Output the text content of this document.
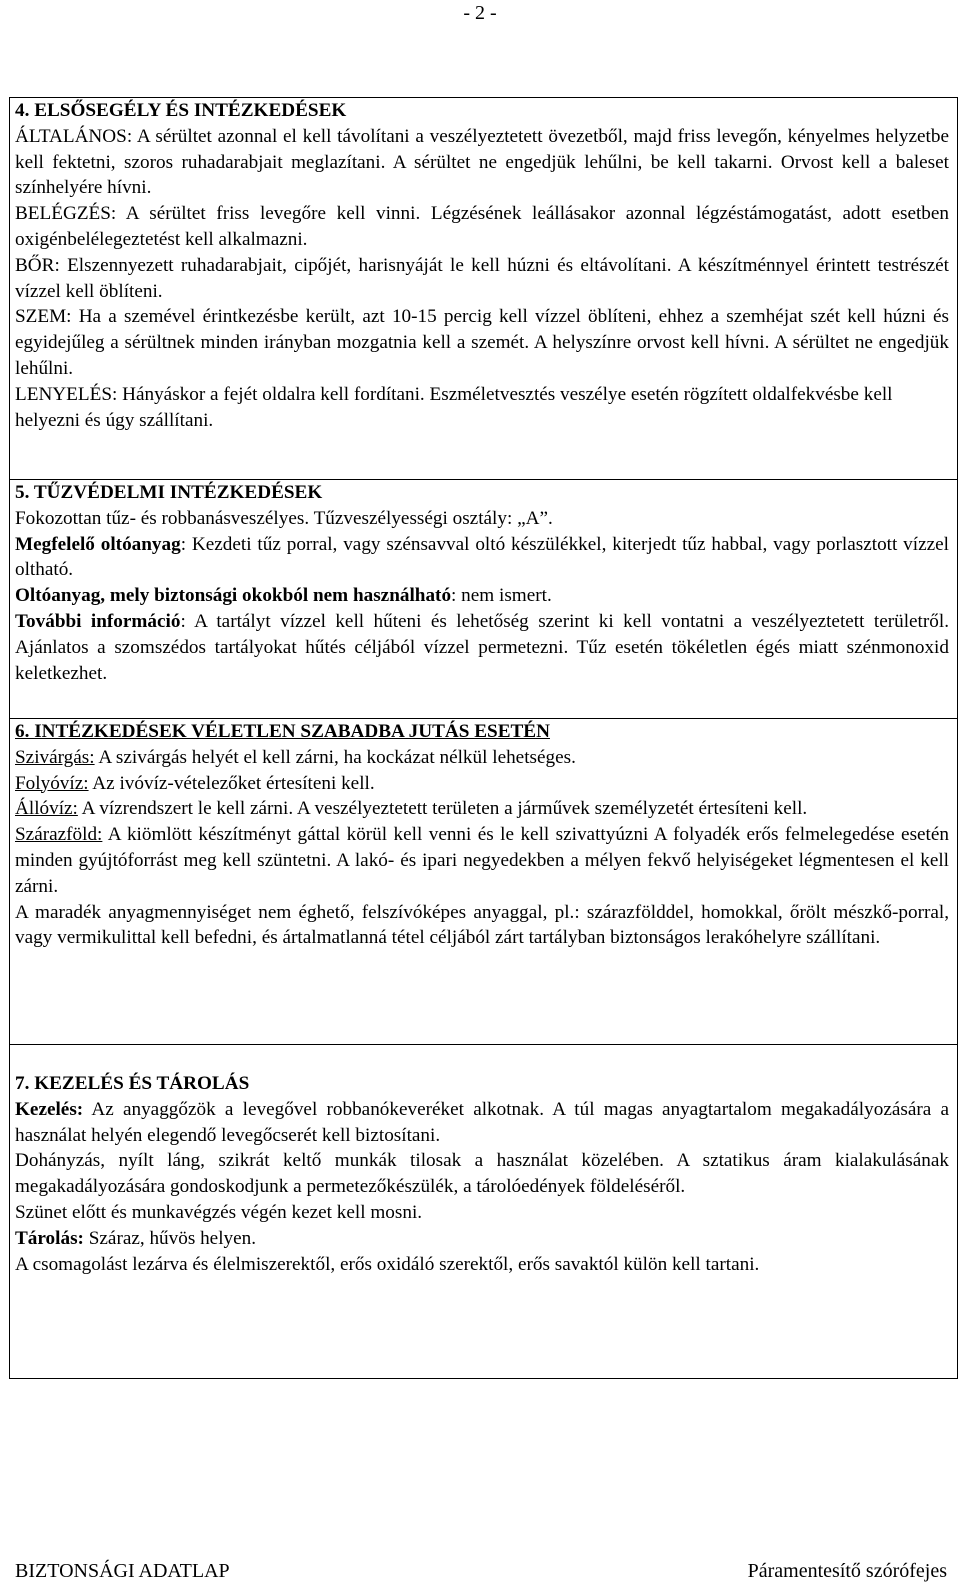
- 2 -
4. ELSŐSEGÉLY ÉS INTÉZKEDÉSEK

ÁLTALÁNOS: A sérültet azonnal el kell távolítani a veszélyeztetett övezetből, majd friss levegőn, kényelmes helyzetbe kell fektetni, szoros ruhadarabjait meglazítani. A sérültet ne engedjük lehűlni, be kell takarni. Orvost kell a baleset színhelyére hívni.

BELÉGZÉS: A sérültet friss levegőre kell vinni. Légzésének leállásakor azonnal légzéstámogatást, adott esetben oxigénbelélegeztetést kell alkalmazni.

BŐR: Elszennyezett ruhadarabjait, cipőjét, harisnyáját le kell húzni és eltávolítani. A készítménnyel érintett testrészét vízzel kell öblíteni.

SZEM: Ha a szemével érintkezésbe került, azt 10-15 percig kell vízzel öblíteni, ehhez a szemhéjat szét kell húzni és egyidejűleg a sérültnek minden irányban mozgatnia kell a szemét. A helyszínre orvost kell hívni. A sérültet ne engedjük lehűlni.

LENYELÉS: Hányáskor a fejét oldalra kell fordítani. Eszméletvesztés veszélye esetén rögzített oldalfekvésbe kell helyezni és úgy szállítani.

5. TŰZVÉDELMI INTÉZKEDÉSEK

Fokozottan tűz- és robbanásveszélyes. Tűzveszélyességi osztály: „A”.

Megfelelő oltóanyag: Kezdeti tűz porral, vagy szénsavval oltó készülékkel, kiterjedt tűz habbal, vagy porlasztott vízzel oltható.

Oltóanyag, mely biztonsági okokból nem használható: nem ismert.

További információ: A tartályt vízzel kell hűteni és lehetőség szerint ki kell vontatni a veszélyeztetett területről. Ajánlatos a szomszédos tartályokat hűtés céljából vízzel permetezni. Tűz esetén tökéletlen égés miatt szénmonoxid keletkezhet.

6. INTÉZKEDÉSEK VÉLETLEN SZABADBA JUTÁS ESETÉN

Szivárgás: A szivárgás helyét el kell zárni, ha kockázat nélkül lehetséges.

Folyóvíz: Az ivóvíz-vételezőket értesíteni kell.

Állóvíz: A vízrendszert le kell zárni. A veszélyeztetett területen a járművek személyzetét értesíteni kell.

Szárazföld: A kiömlött készítményt gáttal körül kell venni és le kell szivattyúzni A folyadék erős felmelegedése esetén minden gyújtóforrást meg kell szüntetni. A lakó- és ipari negyedekben a mélyen fekvő helyiségeket légmentesen el kell zárni.

A maradék anyagmennyiséget nem éghető, felszívóképes anyaggal, pl.: szárazfölddel, homokkal, őrölt mészkő-porral, vagy vermikulittal kell befedni, és ártalmatlanná tétel céljából zárt tartályban biztonságos lerakóhelyre szállítani.

7. KEZELÉS ÉS TÁROLÁS

Kezelés: Az anyaggőzök a levegővel robbanókeveréket alkotnak. A túl magas anyagtartalom megakadályozására a használat helyén elegendő levegőcserét kell biztosítani.

Dohányzás, nyílt láng, szikrát keltő munkák tilosak a használat közelében. A sztatikus áram kialakulásának megakadályozására gondoskodjunk a permetezőkészülék, a tárolóedények földeléséről.

Szünet előtt és munkavégzés végén kezet kell mosni.

Tárolás: Száraz, hűvös helyen.

A csomagolást lezárva és élelmiszerektől, erős oxidáló szerektől, erős savaktól külön kell tartani.

BIZTONSÁGI ADATLAP	Páramentesítő szórófejes
